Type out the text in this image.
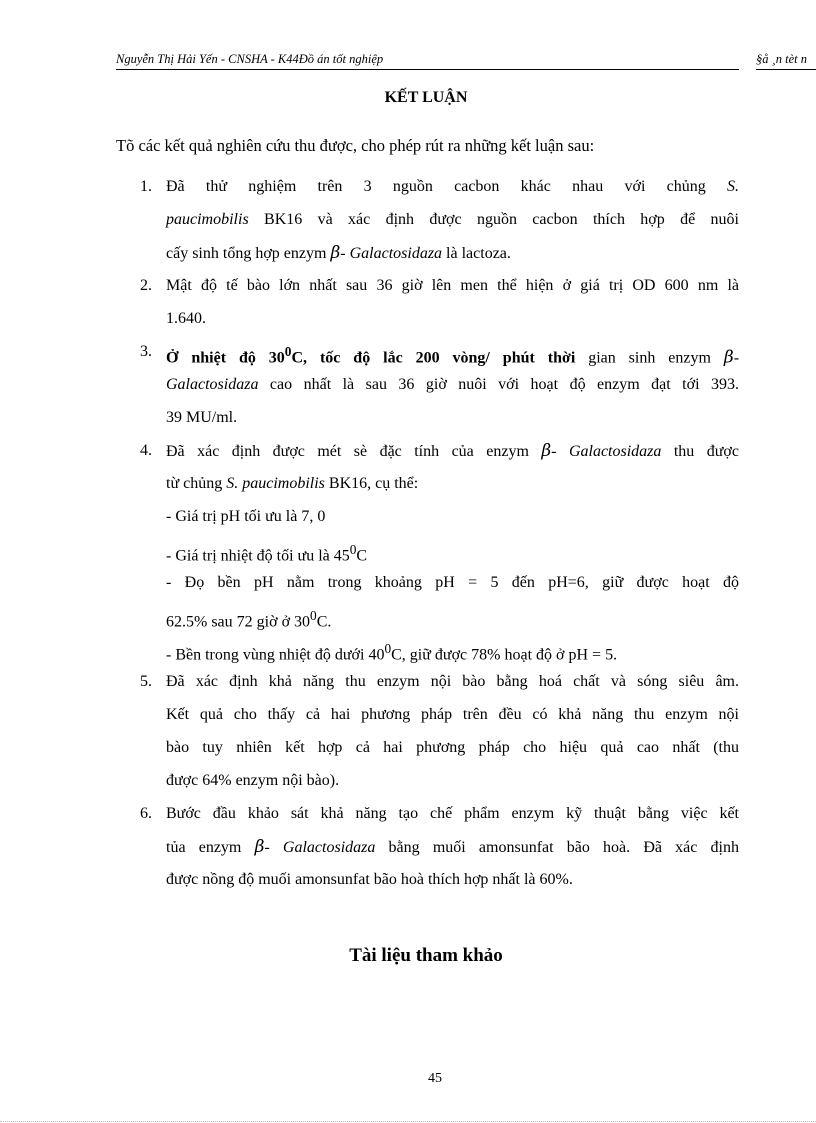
Nguyễn Thị Hải Yến - CNSHA - K44Đồ án tốt nghiệp	§å ¸n tèt n
KẾT LUẬN
Tõ các kết quả nghiên cứu thu được, cho phép rút ra những kết luận sau:
1. Đã thử nghiệm trên 3 nguồn cacbon khác nhau với chủng S.
paucimobilis BK16 và xác định được nguồn cacbon thích hợp để nuôi
cấy sinh tổng hợp enzym β- Galactosidaza là lactoza.
2. Mật độ tế bào lớn nhất sau 36 giờ lên men thể hiện ở giá trị OD 600 nm là
1.640.
3. Ở nhiệt độ $30^0C$, tốc độ lắc 200 vòng/ phút thời gian sinh enzym β-
Galactosidaza cao nhất là sau 36 giờ nuôi với hoạt độ enzym đạt tới 393.
39 MU/ml.
4. Đã xác định được mét sè đặc tính của enzym β- Galactosidaza thu được
từ chủng S. paucimobilis BK16, cụ thể:
- Giá trị pH tối ưu là 7, 0
- Giá trị nhiệt độ tối ưu là $45^0C$
- Đọ bền pH nằm trong khoảng pH = 5 đến pH=6, giữ được hoạt độ
62.5% sau 72 giờ ở $30^0C$.
- Bền trong vùng nhiệt độ dưới $40^0C$, giữ được 78% hoạt độ ở pH = 5.
5. Đã xác định khả năng thu enzym nội bào bằng hoá chất và sóng siêu âm.
Kết quả cho thấy cả hai phương pháp trên đều có khả năng thu enzym nội
bào tuy nhiên kết hợp cả hai phương pháp cho hiệu quả cao nhất (thu
được 64% enzym nội bào).
6. Bước đầu khảo sát khả năng tạo chế phẩm enzym kỹ thuật bằng việc kết
tủa enzym β- Galactosidaza bằng muối amonsunfat bão hoà. Đã xác định
được nồng độ muối amonsunfat bão hoà thích hợp nhất là 60%.
Tài liệu tham khảo
45
